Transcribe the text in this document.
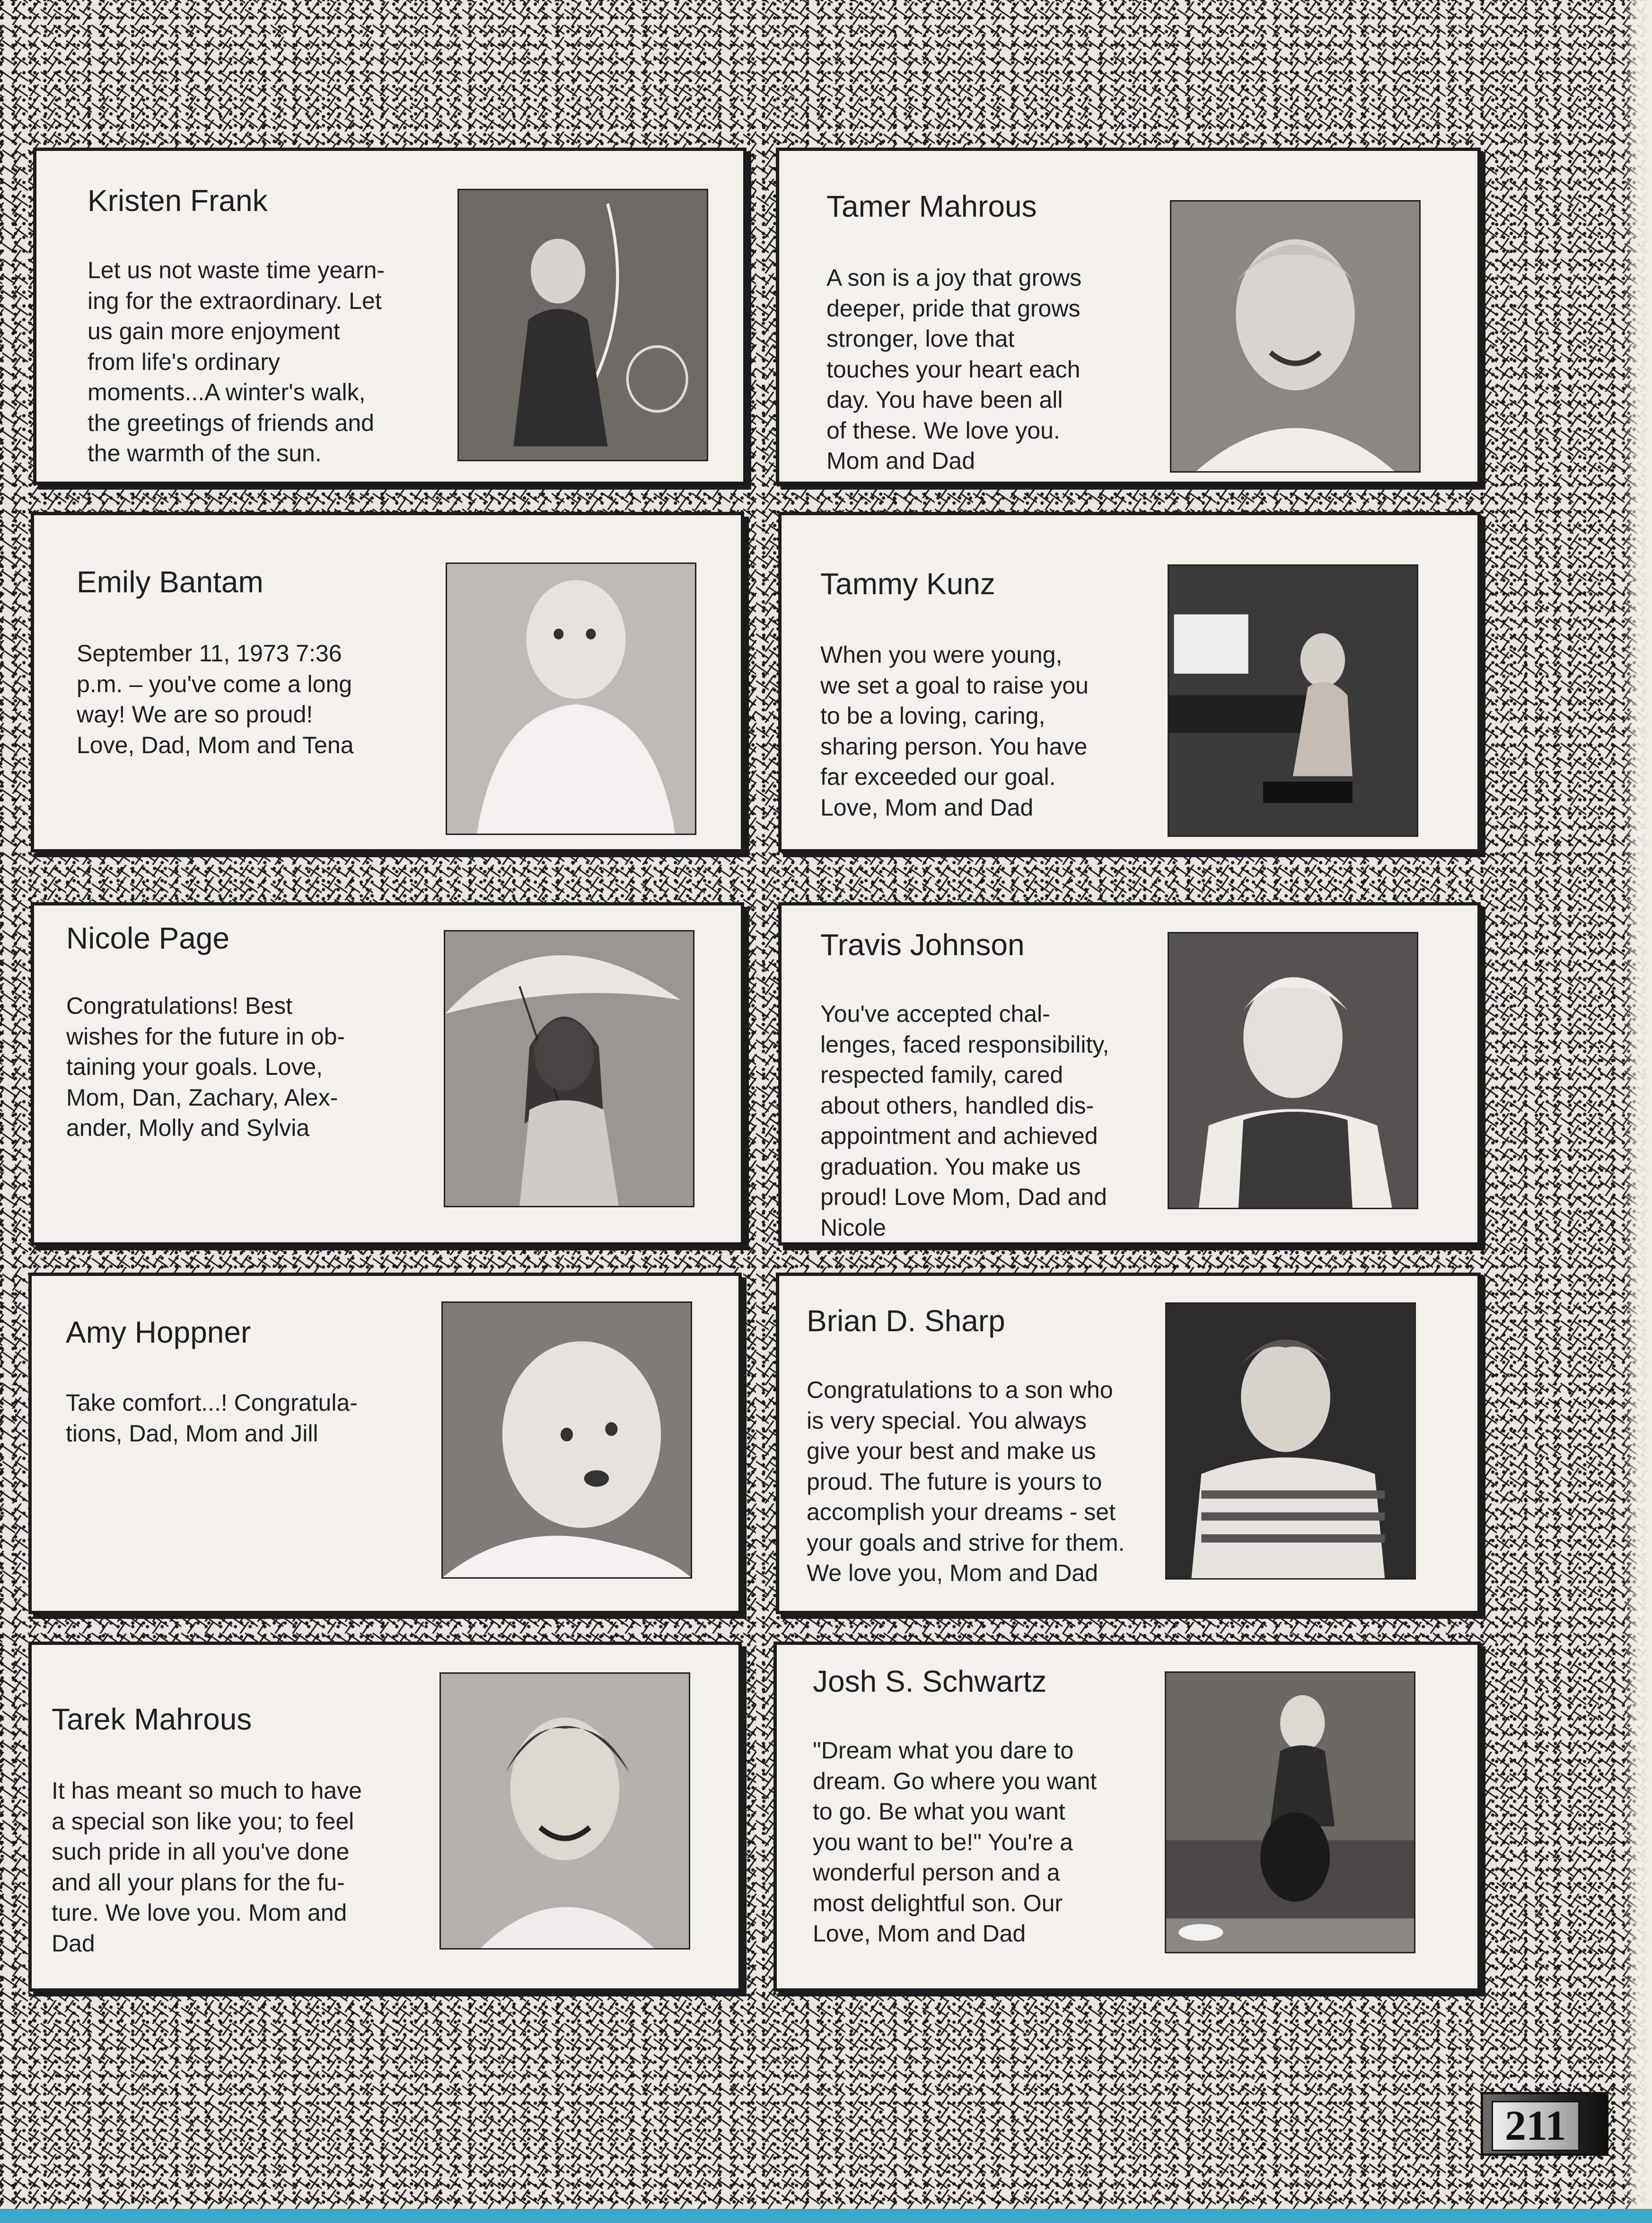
Kristen Frank

Let us not waste time yearn-
ing for the extraordinary. Let
us gain more enjoyment
from life's ordinary
moments...A winter's walk,
the greetings of friends and
the warmth of the sun.

Tamer Mahrous

A son is a joy that grows
deeper, pride that grows
stronger, love that
touches your heart each
day. You have been all
of these. We love you.
Mom and Dad

Emily Bantam

September 11, 1973 7:36
p.m. – you've come a long
way! We are so proud!
Love, Dad, Mom and Tena

Tammy Kunz

When you were young,
we set a goal to raise you
to be a loving, caring,
sharing person. You have
far exceeded our goal.
Love, Mom and Dad

Nicole Page

Congratulations! Best
wishes for the future in ob-
taining your goals. Love,
Mom, Dan, Zachary, Alex-
ander, Molly and Sylvia

Travis Johnson

You've accepted chal-
lenges, faced responsibility,
respected family, cared
about others, handled dis-
appointment and achieved
graduation. You make us
proud! Love Mom, Dad and
Nicole

Amy Hoppner

Take comfort...! Congratula-
tions, Dad, Mom and Jill

Brian D. Sharp

Congratulations to a son who
is very special. You always
give your best and make us
proud. The future is yours to
accomplish your dreams - set
your goals and strive for them.
We love you, Mom and Dad

Tarek Mahrous

It has meant so much to have
a special son like you; to feel
such pride in all you've done
and all your plans for the fu-
ture. We love you. Mom and
Dad

Josh S. Schwartz

"Dream what you dare to
dream. Go where you want
to go. Be what you want
you want to be!" You're a
wonderful person and a
most delightful son. Our
Love, Mom and Dad

211
